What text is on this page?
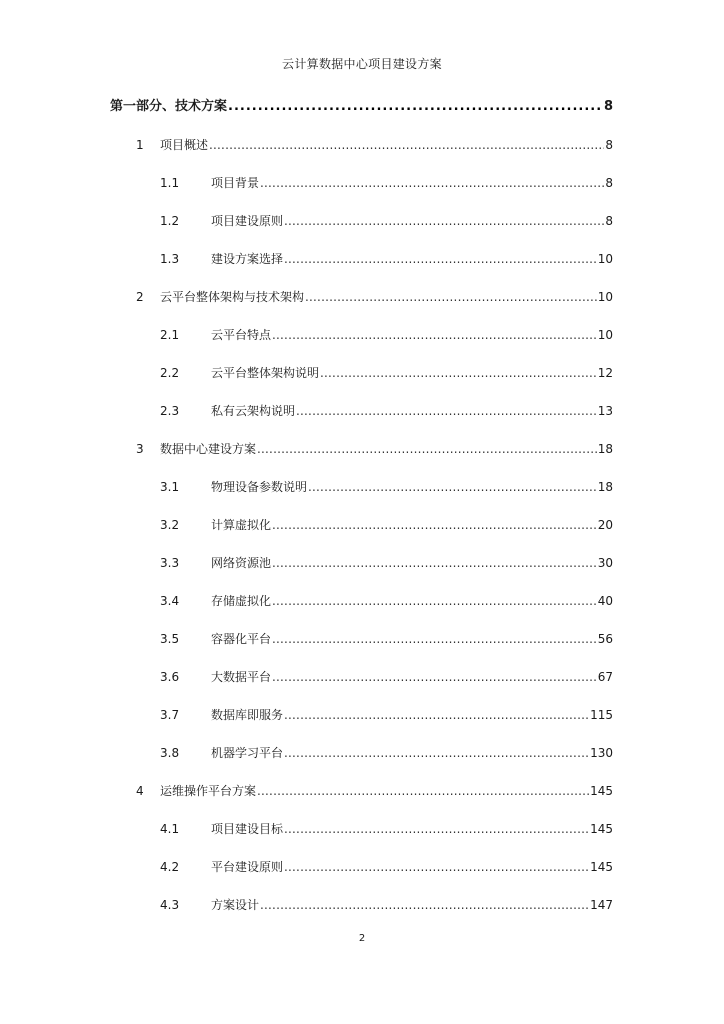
云计算数据中心项目建设方案
第一部分、技术方案 .....	8
1	项目概述 .....	8
1.1	项目背景 .....	8
1.2	项目建设原则 .....	8
1.3	建设方案选择 .....	10
2	云平台整体架构与技术架构 .....	10
2.1	云平台特点 .....	10
2.2	云平台整体架构说明 .....	12
2.3	私有云架构说明 .....	13
3	数据中心建设方案 .....	18
3.1	物理设备参数说明 .....	18
3.2	计算虚拟化 .....	20
3.3	网络资源池 .....	30
3.4	存储虚拟化 .....	40
3.5	容器化平台 .....	56
3.6	大数据平台 .....	67
3.7	数据库即服务 .....	115
3.8	机器学习平台 .....	130
4	运维操作平台方案 .....	145
4.1	项目建设目标 .....	145
4.2	平台建设原则 .....	145
4.3	方案设计 .....	147
2
